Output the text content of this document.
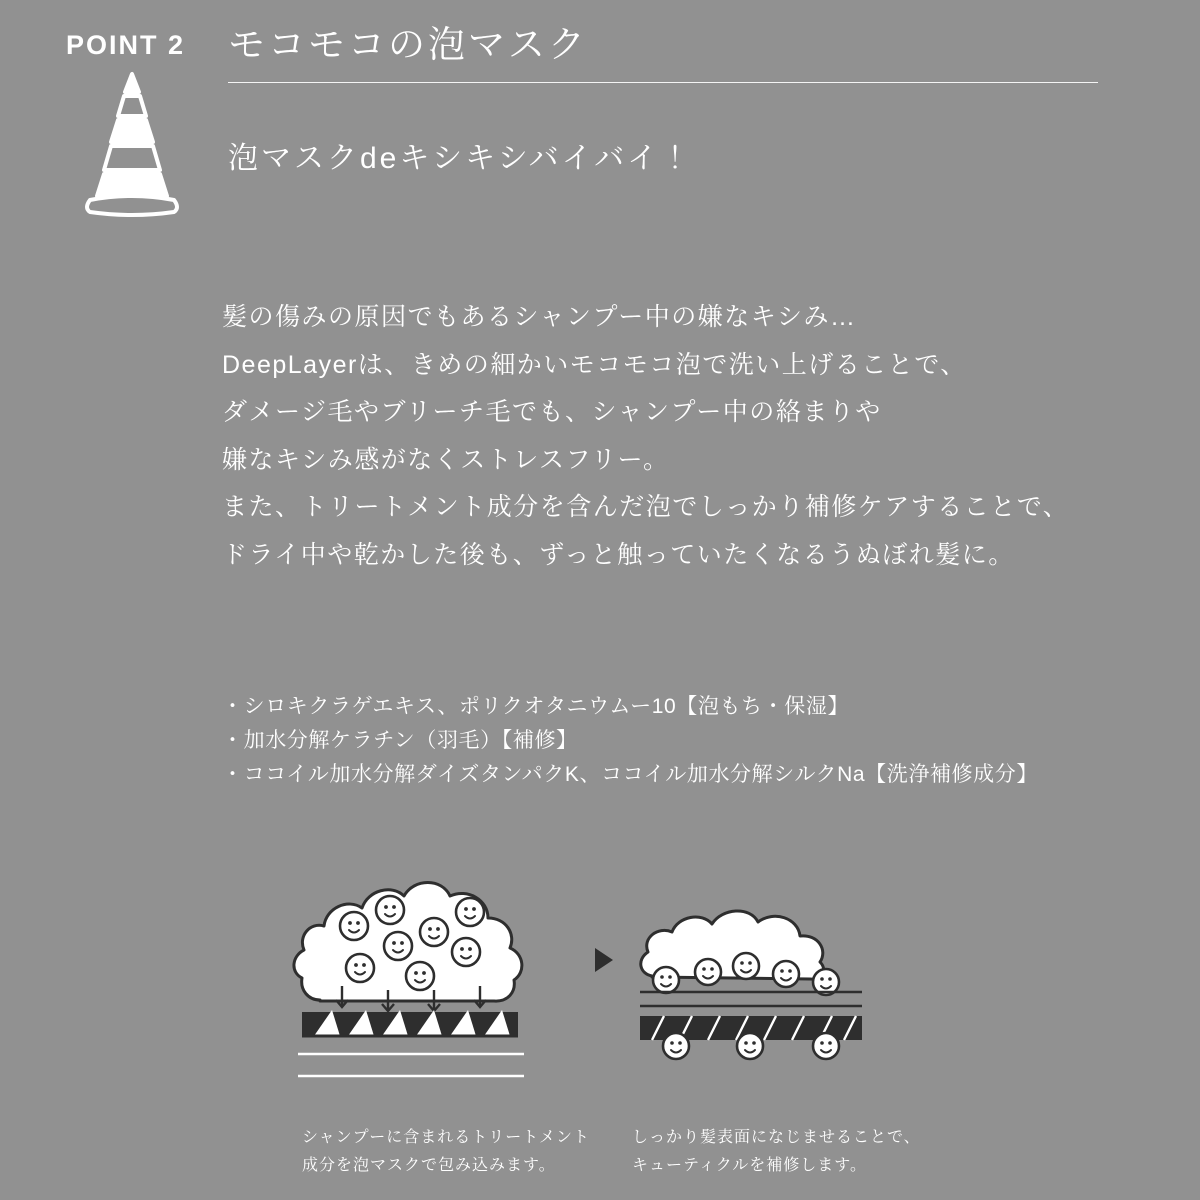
POINT 2 モコモコの泡マスク
泡マスクdeキシキシバイバイ！

髪の傷みの原因でもあるシャンプー中の嫌なキシみ…

DeepLayerは、きめの細かいモコモコ泡で洗い上げることで、

ダメージ毛やブリーチ毛でも、シャンプー中の絡まりや

嫌なキシみ感がなくストレスフリー。

また、トリートメント成分を含んだ泡でしっかり補修ケアすることで、

ドライ中や乾かした後も、ずっと触っていたくなるうぬぼれ髪に。

・シロキクラゲエキス、ポリクオタニウムー10【泡もち・保湿】
・加水分解ケラチン（羽毛）【補修】
・ココイル加水分解ダイズタンパクK、ココイル加水分解シルクNa【洗浄補修成分】
シャンプーに含まれるトリートメント
成分を泡マスクで包み込みます。
しっかり髪表面になじませることで、
キューティクルを補修します。
